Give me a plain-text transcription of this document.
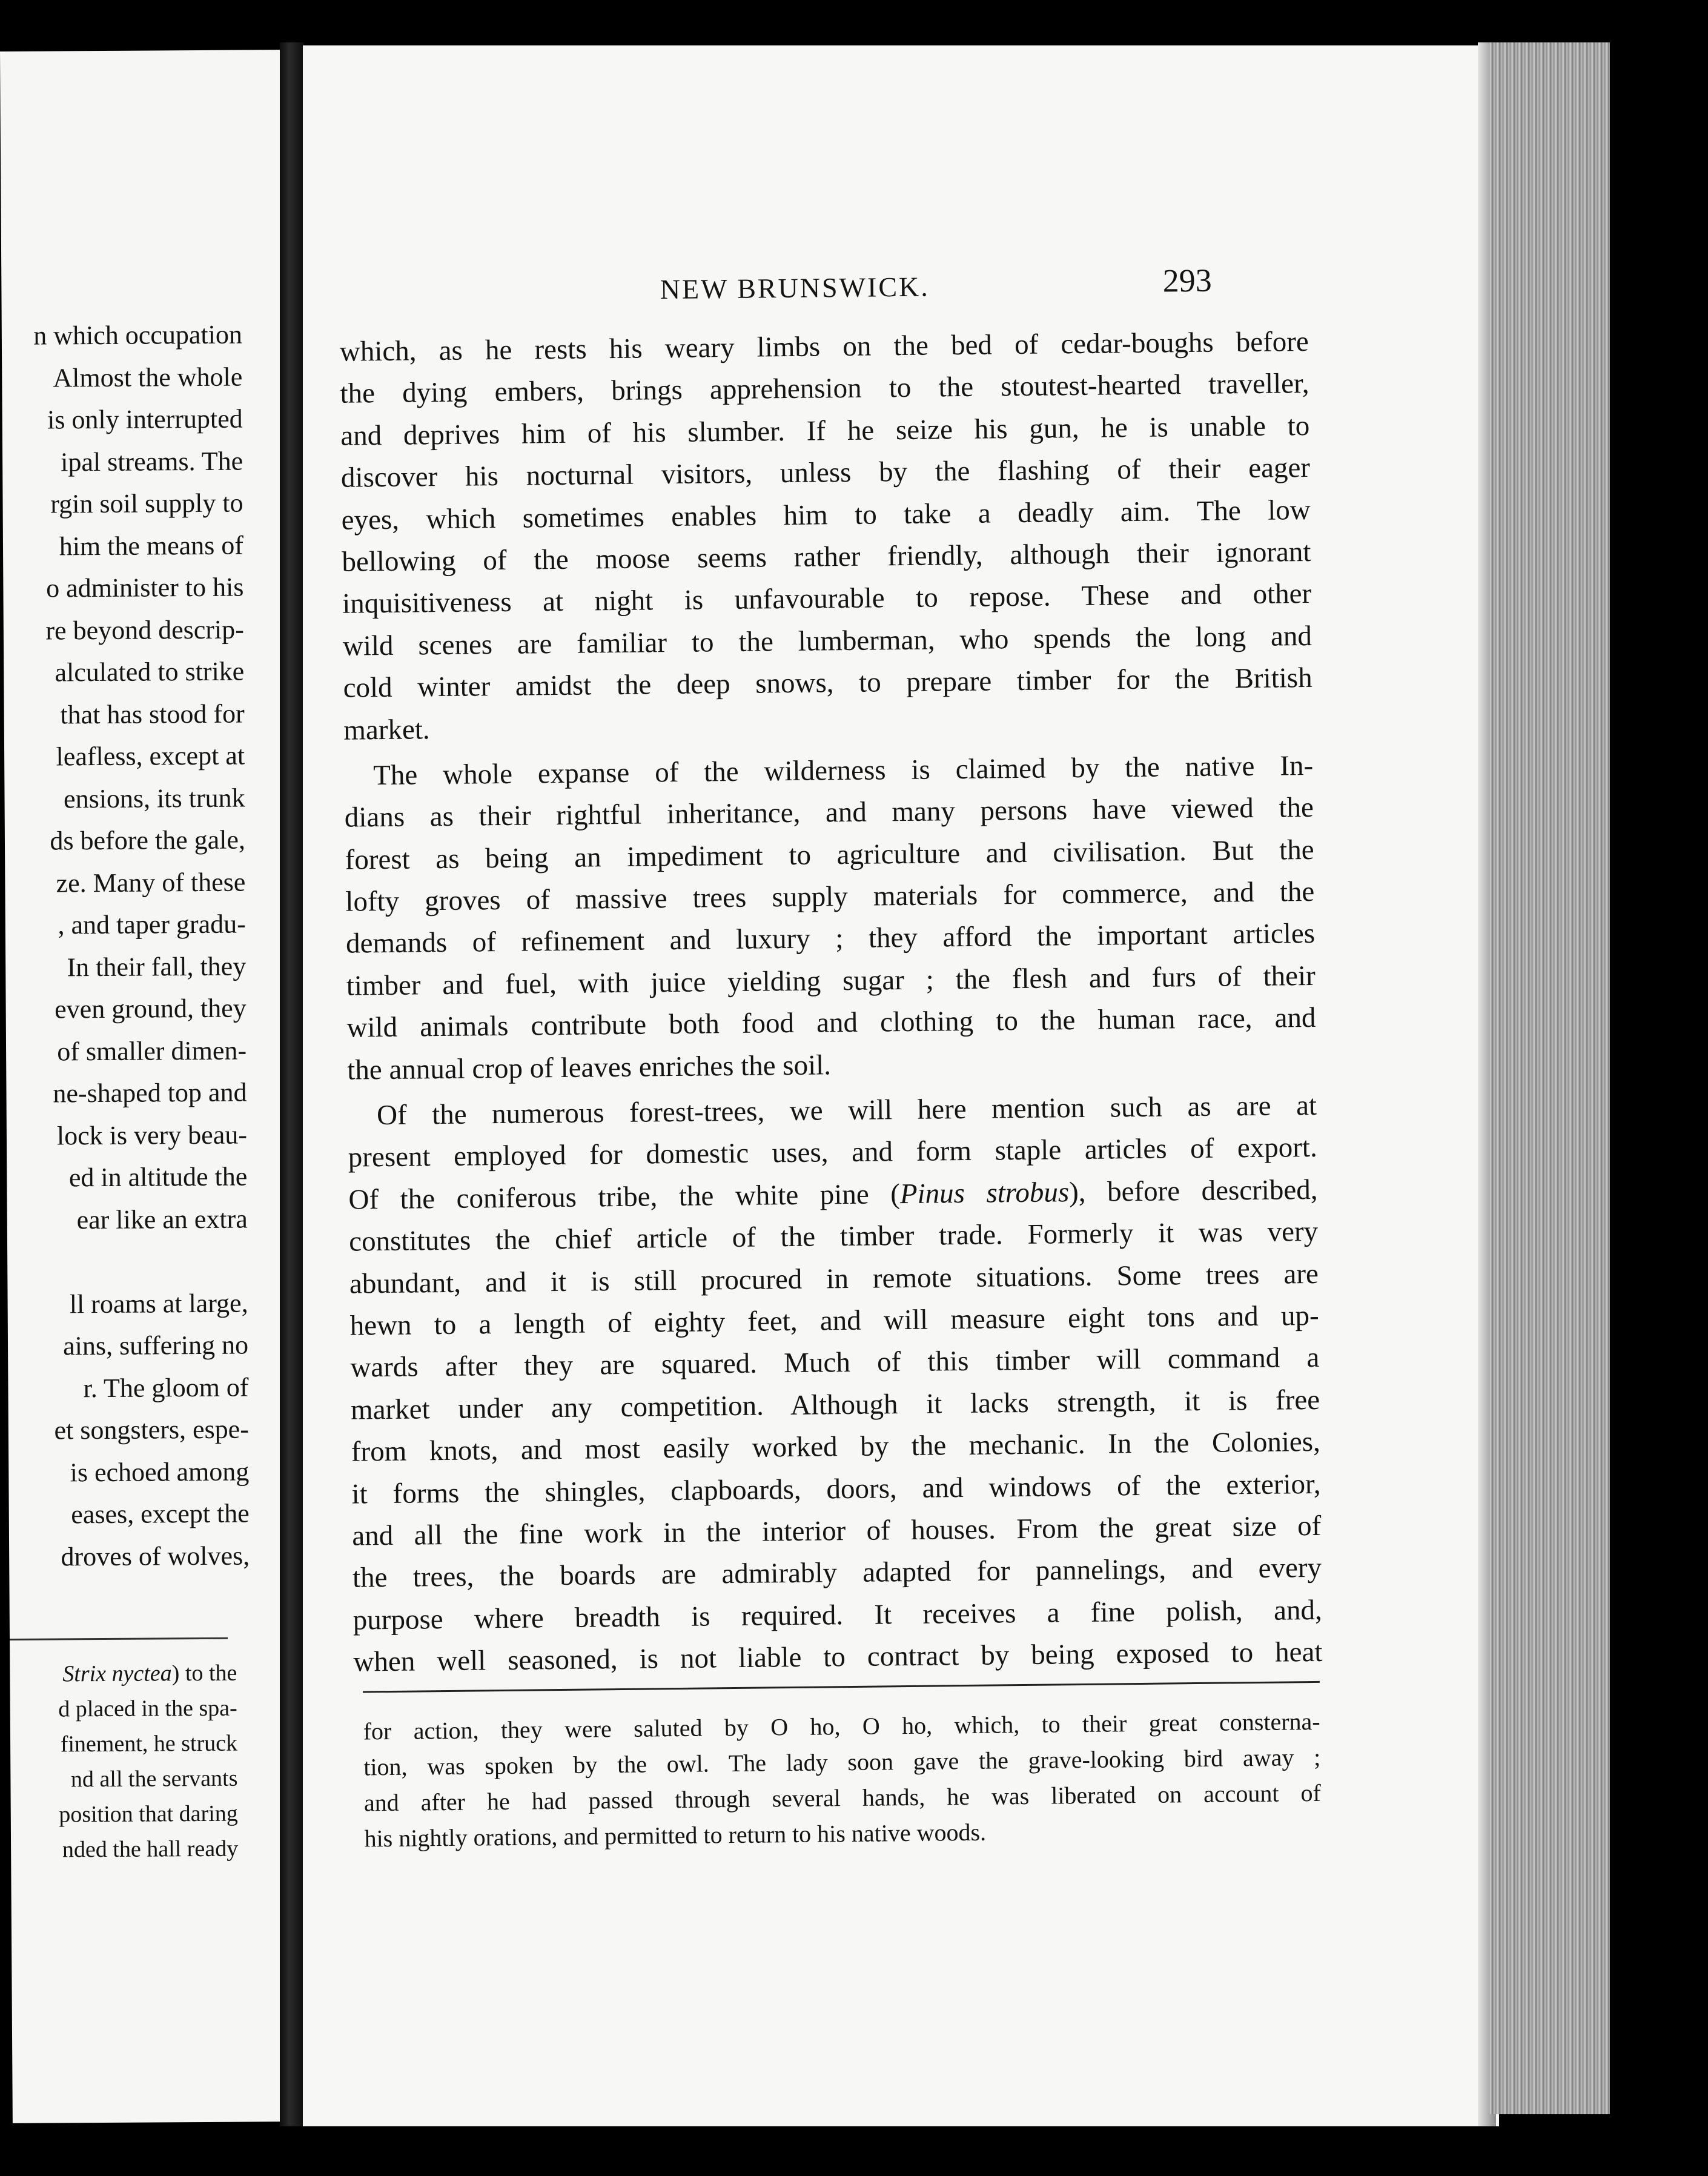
n which occupation
Almost the whole
is only interrupted
ipal streams. The
rgin soil supply to
him the means of
o administer to his
re beyond descrip-
alculated to strike
that has stood for
leafless, except at
ensions, its trunk
ds before the gale,
ze. Many of these
, and taper gradu-
In their fall, they
even ground, they
of smaller dimen-
ne-shaped top and
lock is very beau-
ed in altitude the
ear like an extra
ll roams at large,
ains, suffering no
r. The gloom of
et songsters, espe-
is echoed among
eases, except the
droves of wolves,
Strix nyctea) to the
d placed in the spa-
finement, he struck
nd all the servants
position that daring
nded the hall ready
NEW BRUNSWICK.	293
which, as he rests his weary limbs on the bed of cedar-boughs before
the dying embers, brings apprehension to the stoutest-hearted traveller,
and deprives him of his slumber. If he seize his gun, he is unable to
discover his nocturnal visitors, unless by the flashing of their eager
eyes, which sometimes enables him to take a deadly aim. The low
bellowing of the moose seems rather friendly, although their ignorant
inquisitiveness at night is unfavourable to repose. These and other
wild scenes are familiar to the lumberman, who spends the long and
cold winter amidst the deep snows, to prepare timber for the British
market.
The whole expanse of the wilderness is claimed by the native In-
dians as their rightful inheritance, and many persons have viewed the
forest as being an impediment to agriculture and civilisation. But the
lofty groves of massive trees supply materials for commerce, and the
demands of refinement and luxury ; they afford the important articles
timber and fuel, with juice yielding sugar ; the flesh and furs of their
wild animals contribute both food and clothing to the human race, and
the annual crop of leaves enriches the soil.
Of the numerous forest-trees, we will here mention such as are at
present employed for domestic uses, and form staple articles of export.
Of the coniferous tribe, the white pine (Pinus strobus), before described,
constitutes the chief article of the timber trade. Formerly it was very
abundant, and it is still procured in remote situations. Some trees are
hewn to a length of eighty feet, and will measure eight tons and up-
wards after they are squared. Much of this timber will command a
market under any competition. Although it lacks strength, it is free
from knots, and most easily worked by the mechanic. In the Colonies,
it forms the shingles, clapboards, doors, and windows of the exterior,
and all the fine work in the interior of houses. From the great size of
the trees, the boards are admirably adapted for pannelings, and every
purpose where breadth is required. It receives a fine polish, and,
when well seasoned, is not liable to contract by being exposed to heat
for action, they were saluted by O ho, O ho, which, to their great consterna-
tion, was spoken by the owl. The lady soon gave the grave-looking bird away ;
and after he had passed through several hands, he was liberated on account of
his nightly orations, and permitted to return to his native woods.
